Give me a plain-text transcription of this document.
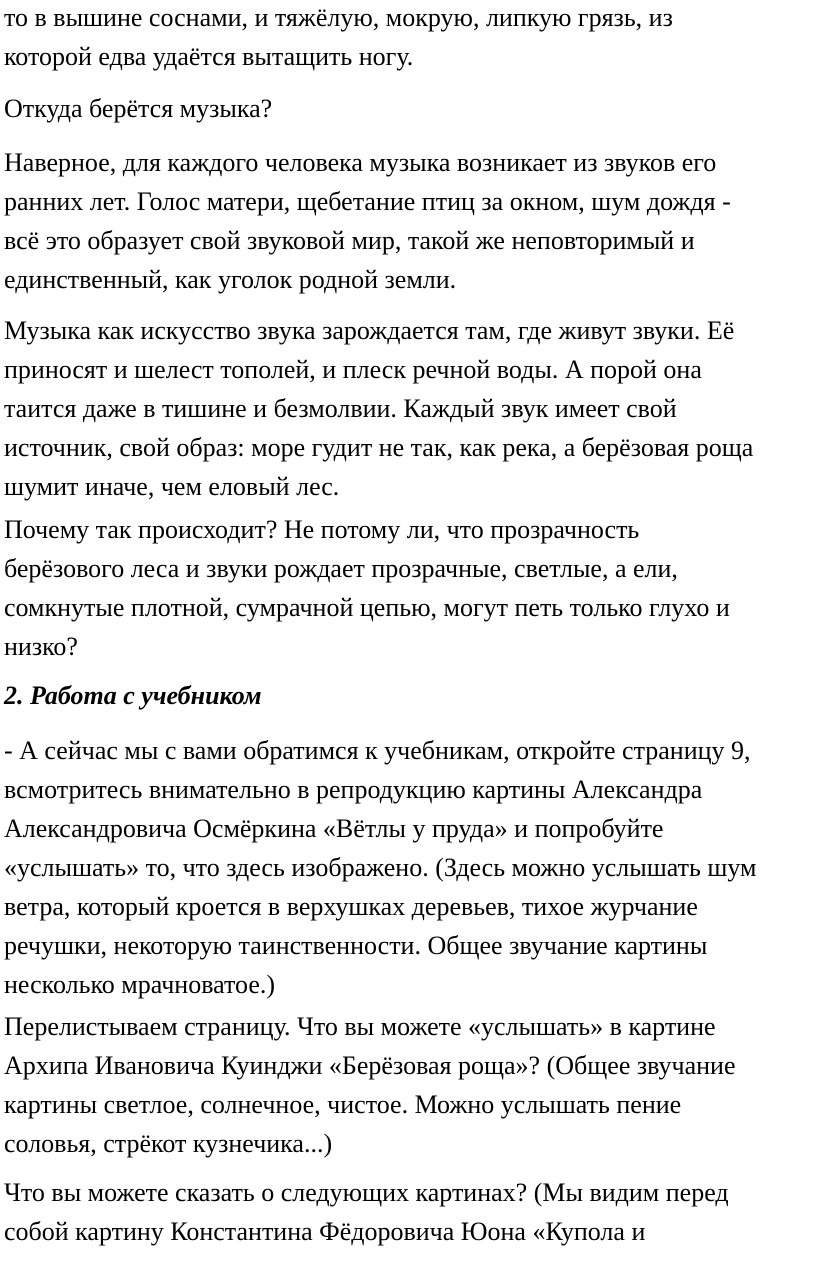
то в вышине соснами, и тяжёлую, мокрую, липкую грязь, из
которой едва удаётся вытащить ногу.

Откуда берётся музыка?

Наверное, для каждого человека музыка возникает из звуков его
ранних лет. Голос матери, щебетание птиц за окном, шум дождя -
всё это образует свой звуковой мир, такой же неповторимый и
единственный, как уголок родной земли.

Музыка как искусство звука зарождается там, где живут звуки. Её
приносят и шелест тополей, и плеск речной воды. А порой она
таится даже в тишине и безмолвии. Каждый звук имеет свой
источник, свой образ: море гудит не так, как река, а берёзовая роща
шумит иначе, чем еловый лес.

Почему так происходит? Не потому ли, что прозрачность
берёзового леса и звуки рождает прозрачные, светлые, а ели,
сомкнутые плотной, сумрачной цепью, могут петь только глухо и
низко?

2. Работа с учебником

- А сейчас мы с вами обратимся к учебникам, откройте страницу 9,
всмотритесь внимательно в репродукцию картины Александра
Александровича Осмёркина «Вётлы у пруда» и попробуйте
«услышать» то, что здесь изображено. (Здесь можно услышать шум
ветра, который кроется в верхушках деревьев, тихое журчание
речушки, некоторую таинственности. Общее звучание картины
несколько мрачноватое.)

Перелистываем страницу. Что вы можете «услышать» в картине
Архипа Ивановича Куинджи «Берёзовая роща»? (Общее звучание
картины светлое, солнечное, чистое. Можно услышать пение
соловья, стрёкот кузнечика...)

Что вы можете сказать о следующих картинах? (Мы видим перед
собой картину Константина Фёдоровича Юона «Купола и
